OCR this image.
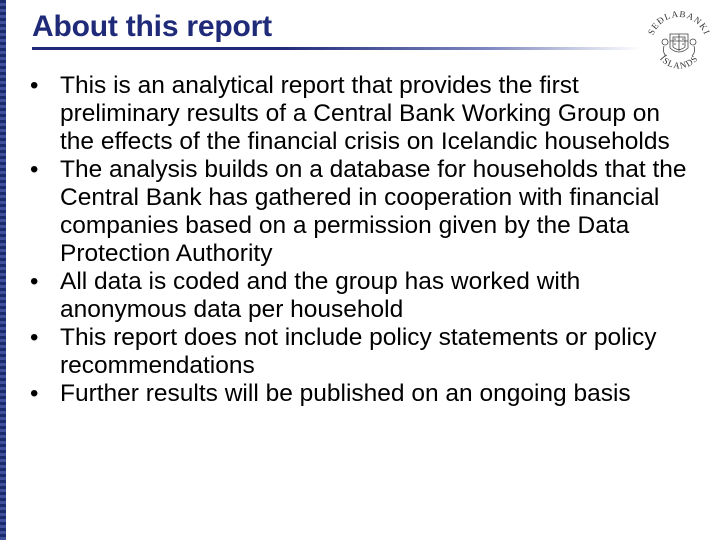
About this report	SEÐLABANKI
ÍSLANDS
• This is an analytical report that provides the first preliminary results of a Central Bank Working Group on the effects of the financial crisis on Icelandic households
• The analysis builds on a database for households that the Central Bank has gathered in cooperation with financial companies based on a permission given by the Data Protection Authority
• All data is coded and the group has worked with anonymous data per household
• This report does not include policy statements or policy recommendations
• Further results will be published on an ongoing basis
